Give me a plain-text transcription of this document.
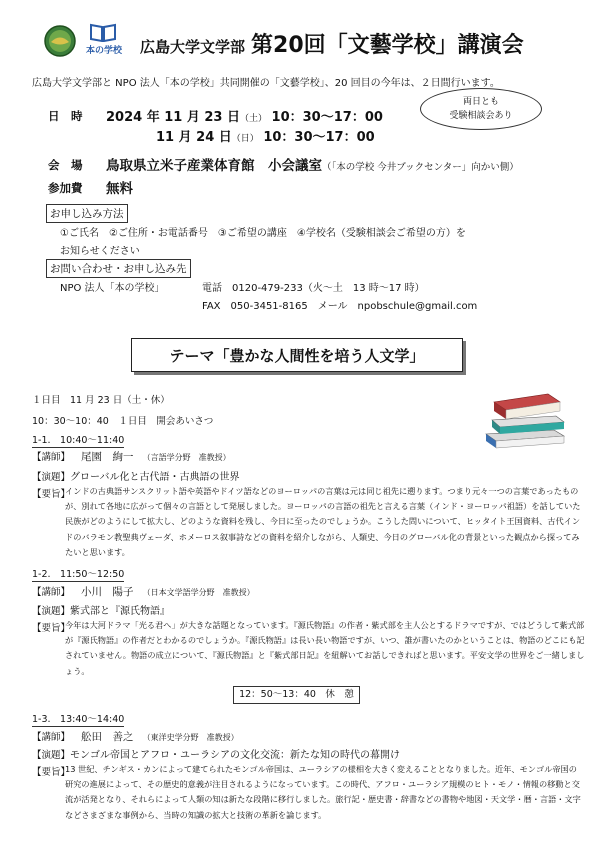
本の学校 広島大学文学部 第20回「文藝学校」講演会
広島大学文学部と NPO 法人「本の学校」共同開催の「文藝学校」、20 回目の今年は、２日間行います。
日　時 2024 年 11 月 23 日（土） 10：30～17：00
11 月 24 日（日） 10：30～17：00
両日とも
受験相談会あり
会　場 鳥取県立米子産業体育館　小会議室（「本の学校 今井ブックセンター」向かい側）
参加費 無料
お申し込み方法
①ご氏名　②ご住所・お電話番号　③ご希望の講座　④学校名（受験相談会ご希望の方）を
お知らせください
お問い合わせ・お申し込み先
NPO 法人「本の学校」	電話　0120-479-233（火～土　13 時～17 時）
FAX　050-3451-8165　メール　npobschule@gmail.com
テーマ「豊かな人間性を培う人文学」
１日目　11 月 23 日（土・休）
10：30～10：40　１日目　開会あいさつ
1-1.　10:40～11:40
【講師】 尾園　絢一 （言語学分野　准教授）
【演題】グローバル化と古代語・古典語の世界
【要旨】
インドの古典語サンスクリット語や英語やドイツ語などのヨーロッパの言葉は元は同じ祖先に遡ります。つまり元々一つの言葉であったものが、別れて各地に広がって個々の言語として発展しました。ヨーロッパの言語の祖先と言える言葉（インド・ヨーロッパ祖語）を話していた民族がどのようにして拡大し、どのような資料を残し、今日に至ったのでしょうか。こうした問いについて、ヒッタイト王国資料、古代インドのバラモン教聖典ヴェーダ、ホメーロス叙事詩などの資料を紹介しながら、人類史、今日のグローバル化の背景といった観点から探ってみたいと思います。
1-2.　11:50～12:50
【講師】 小川　陽子 （日本文学語学分野　准教授）
【演題】紫式部と『源氏物語』
【要旨】
今年は大河ドラマ「光る君へ」が大きな話題となっています。『源氏物語』の作者・紫式部を主人公とするドラマですが、ではどうして紫式部が『源氏物語』の作者だとわかるのでしょうか。『源氏物語』は長い長い物語ですが、いつ、誰が書いたのかということは、物語のどこにも記されていません。物語の成立について、『源氏物語』と『紫式部日記』を紐解いてお話しできればと思います。平安文学の世界をご一緒しましょう。
12：50～13：40　休　憩
1-3.　13:40～14:40
【講師】 舩田　善之 （東洋史学分野　准教授）
【演題】モンゴル帝国とアフロ・ユーラシアの文化交流：新たな知の時代の幕開け
【要旨】
13 世紀、チンギス・カンによって建てられたモンゴル帝国は、ユーラシアの様相を大きく変えることとなりました。近年、モンゴル帝国の研究の進展によって、その歴史的意義が注目されるようになっています。この時代、アフロ・ユーラシア規模のヒト・モノ・情報の移動と交流が活発となり、それらによって人類の知は新たな段階に移行しました。旅行記・歴史書・辞書などの書物や地図・天文学・暦・言語・文字などさまざまな事例から、当時の知識の拡大と技術の革新を論じます。
